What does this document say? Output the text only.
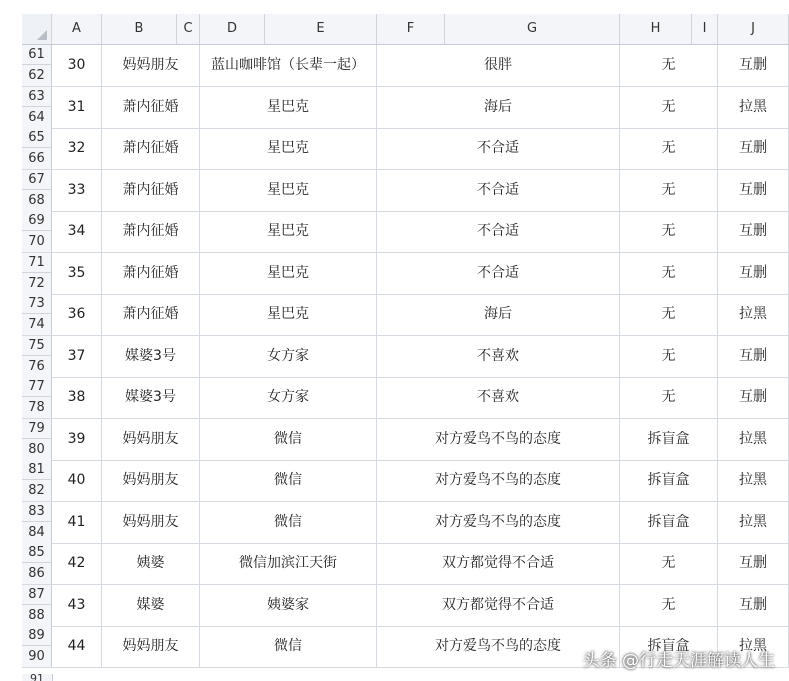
A	B	C	D	E	F	G	H	I	J
61
62
30	妈妈朋友	蓝山咖啡馆（长辈一起）	很胖	无	互删
63
64
31	萧内征婚	星巴克	海后	无	拉黑
65
66
32	萧内征婚	星巴克	不合适	无	互删
67
68
33	萧内征婚	星巴克	不合适	无	互删
69
70
34	萧内征婚	星巴克	不合适	无	互删
71
72
35	萧内征婚	星巴克	不合适	无	互删
73
74
36	萧内征婚	星巴克	海后	无	拉黑
75
76
37	媒婆3号	女方家	不喜欢	无	互删
77
78
38	媒婆3号	女方家	不喜欢	无	互删
79
80
39	妈妈朋友	微信	对方爱鸟不鸟的态度	拆盲盒	拉黑
81
82
40	妈妈朋友	微信	对方爱鸟不鸟的态度	拆盲盒	拉黑
83
84
41	妈妈朋友	微信	对方爱鸟不鸟的态度	拆盲盒	拉黑
85
86
42	姨婆	微信加滨江天街	双方都觉得不合适	无	互删
87
88
43	媒婆	姨婆家	双方都觉得不合适	无	互删
89
90
44	妈妈朋友	微信	对方爱鸟不鸟的态度	拆盲盒	拉黑
91
头条 @行走天涯解读人生
